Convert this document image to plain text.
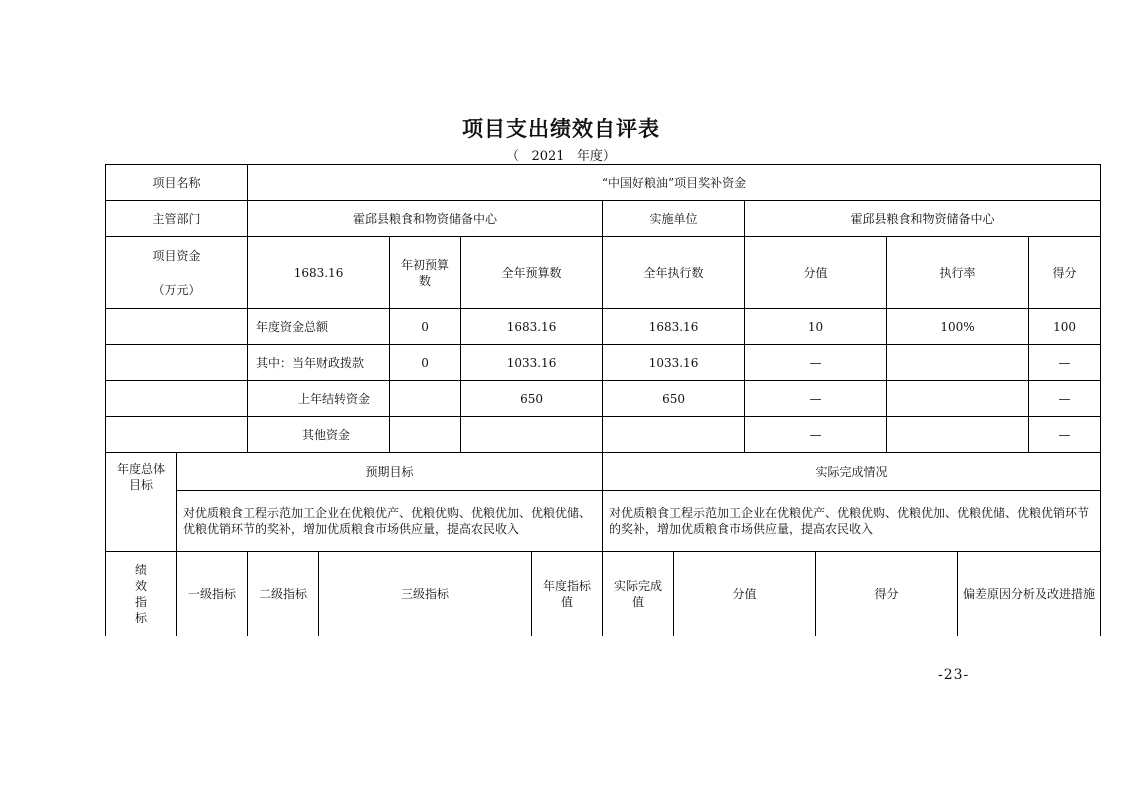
项目支出绩效自评表
（   2021   年度）
项目名称		“中国好粮油”项目奖补资金											
主管部门		霍邱县粮食和物资储备中心					实施单位		霍邱县粮食和物资储备中心				

项目资金
（万元）		1683.16		年初预算数	全年预算数		全年执行数		分值		执行率		得分
		年度资金总额		0	1683.16		1683.16		10		100%		100
		其中：当年财政拨款		0	1033.16		1033.16		—				—
		上年结转资金			650		650		—				—
		其他资金							—				—
年度总体目标	预期目标						实际完成情况						
	对优质粮食工程示范加工企业在优粮优产、优粮优购、优粮优加、优粮优储、优粮优销环节的奖补，增加优质粮食市场供应量，提高农民收入						对优质粮食工程示范加工企业在优粮优产、优粮优购、优粮优加、优粮优储、优粮优销环节的奖补，增加优质粮食市场供应量，提高农民收入						
绩效指标	一级指标	二级指标	三级指标			年度指标值	实际完成值	分值		得分		偏差原因分析及改进措施	
-23-
